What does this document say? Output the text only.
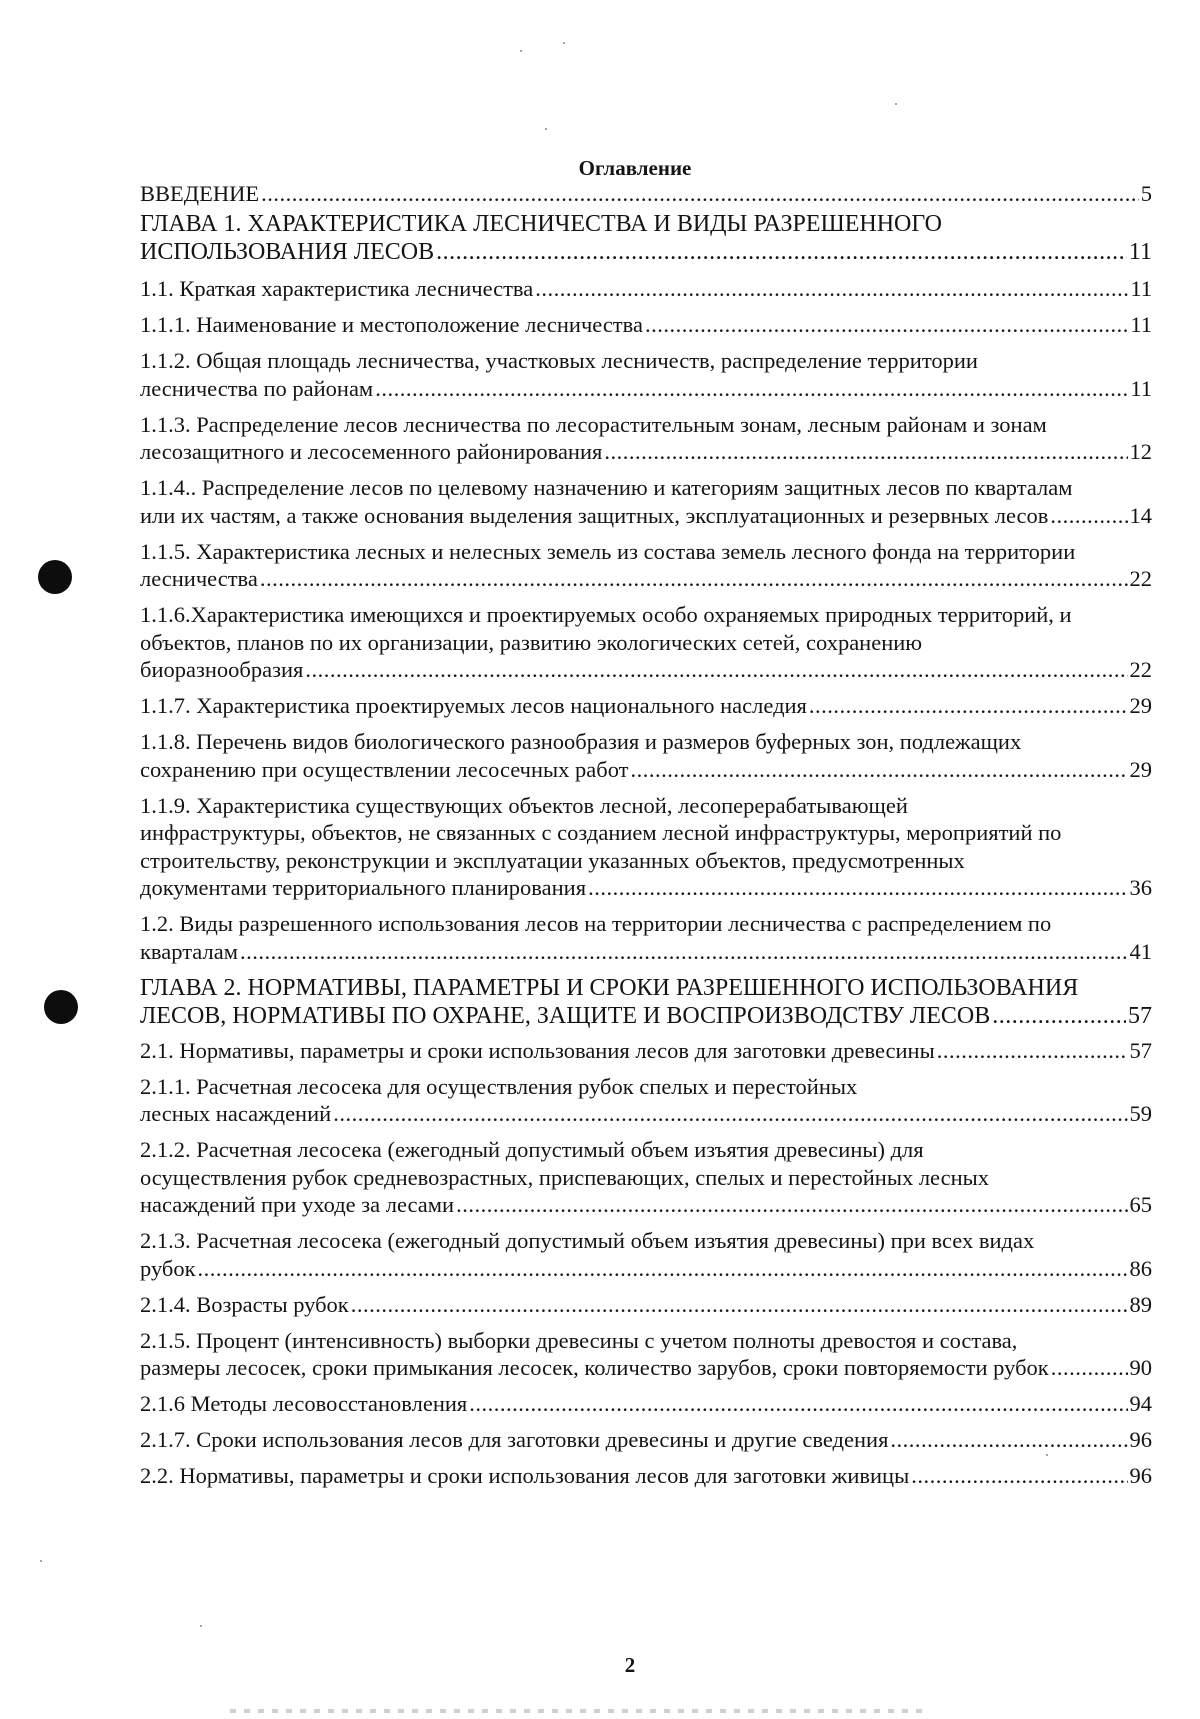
Оглавление
ВВЕДЕНИЕ .....	5
ГЛАВА 1. ХАРАКТЕРИСТИКА ЛЕСНИЧЕСТВА И ВИДЫ РАЗРЕШЕННОГО
ИСПОЛЬЗОВАНИЯ ЛЕСОВ .....	11
1.1. Краткая характеристика лесничества .....	11
1.1.1. Наименование и местоположение лесничества .....	11
1.1.2. Общая площадь лесничества, участковых лесничеств, распределение территории
лесничества по районам .....	11
1.1.3. Распределение лесов лесничества по лесорастительным зонам, лесным районам и зонам
лесозащитного и лесосеменного районирования .....	12
1.1.4.. Распределение лесов по целевому назначению и категориям защитных лесов по кварталам
или их частям, а также основания выделения защитных, эксплуатационных и резервных лесов .....	14
1.1.5. Характеристика лесных и нелесных земель из состава земель лесного фонда на территории
лесничества .....	22
1.1.6.Характеристика имеющихся и проектируемых особо охраняемых природных территорий, и
объектов, планов по их организации, развитию экологических сетей, сохранению
биоразнообразия .....	22
1.1.7. Характеристика проектируемых лесов национального наследия .....	29
1.1.8. Перечень видов биологического разнообразия и размеров буферных зон, подлежащих
сохранению при осуществлении лесосечных работ .....	29
1.1.9. Характеристика существующих объектов лесной, лесоперерабатывающей
инфраструктуры, объектов, не связанных с созданием лесной инфраструктуры, мероприятий по
строительству, реконструкции и эксплуатации указанных объектов, предусмотренных
документами территориального планирования .....	36
1.2. Виды разрешенного использования лесов на территории лесничества с распределением по
кварталам .....	41
ГЛАВА 2. НОРМАТИВЫ, ПАРАМЕТРЫ И СРОКИ РАЗРЕШЕННОГО ИСПОЛЬЗОВАНИЯ
ЛЕСОВ, НОРМАТИВЫ ПО ОХРАНЕ, ЗАЩИТЕ И ВОСПРОИЗВОДСТВУ ЛЕСОВ .....	57
2.1. Нормативы, параметры и сроки использования лесов для заготовки древесины .....	57
2.1.1. Расчетная лесосека для осуществления рубок спелых и перестойных
лесных насаждений .....	59
2.1.2. Расчетная лесосека (ежегодный допустимый объем изъятия древесины) для
осуществления рубок средневозрастных, приспевающих, спелых и перестойных лесных
насаждений при уходе за лесами .....	65
2.1.3. Расчетная лесосека (ежегодный допустимый объем изъятия древесины) при всех видах
рубок .....	86
2.1.4. Возрасты рубок .....	89
2.1.5. Процент (интенсивность) выборки древесины с учетом полноты древостоя и состава,
размеры лесосек, сроки примыкания лесосек, количество зарубов, сроки повторяемости рубок .....	90
2.1.6 Методы лесовосстановления .....	94
2.1.7. Сроки использования лесов для заготовки древесины и другие сведения .....	96
2.2. Нормативы, параметры и сроки использования лесов для заготовки живицы .....	96
2
